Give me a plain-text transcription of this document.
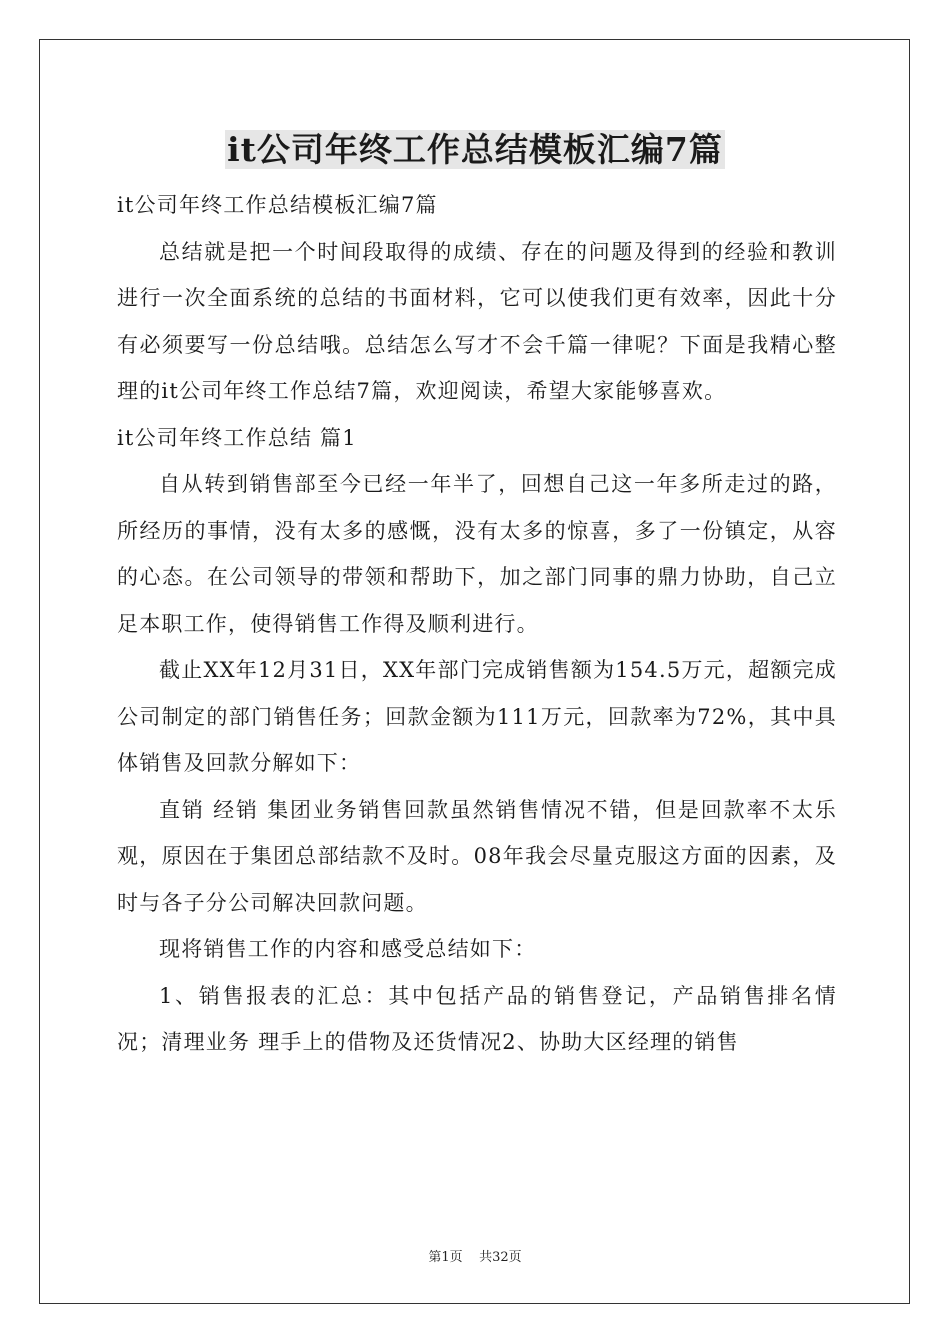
it公司年终工作总结模板汇编7篇

it公司年终工作总结模板汇编7篇

总结就是把一个时间段取得的成绩、存在的问题及得到的经验和教训进行一次全面系统的总结的书面材料，它可以使我们更有效率，因此十分有必须要写一份总结哦。总结怎么写才不会千篇一律呢？下面是我精心整理的it公司年终工作总结7篇，欢迎阅读，希望大家能够喜欢。

it公司年终工作总结 篇1

自从转到销售部至今已经一年半了，回想自己这一年多所走过的路，所经历的事情，没有太多的感慨，没有太多的惊喜，多了一份镇定，从容的心态。在公司领导的带领和帮助下，加之部门同事的鼎力协助，自己立足本职工作，使得销售工作得及顺利进行。

截止XX年12月31日，XX年部门完成销售额为154.5万元，超额完成公司制定的部门销售任务；回款金额为111万元，回款率为72%，其中具体销售及回款分解如下：

直销 经销 集团业务销售回款虽然销售情况不错，但是回款率不太乐观，原因在于集团总部结款不及时。08年我会尽量克服这方面的因素，及时与各子分公司解决回款问题。

现将销售工作的内容和感受总结如下：

1、销售报表的汇总：其中包括产品的销售登记，产品销售排名情况；清理业务 理手上的借物及还货情况2、协助大区经理的销售

第1页    共32页
